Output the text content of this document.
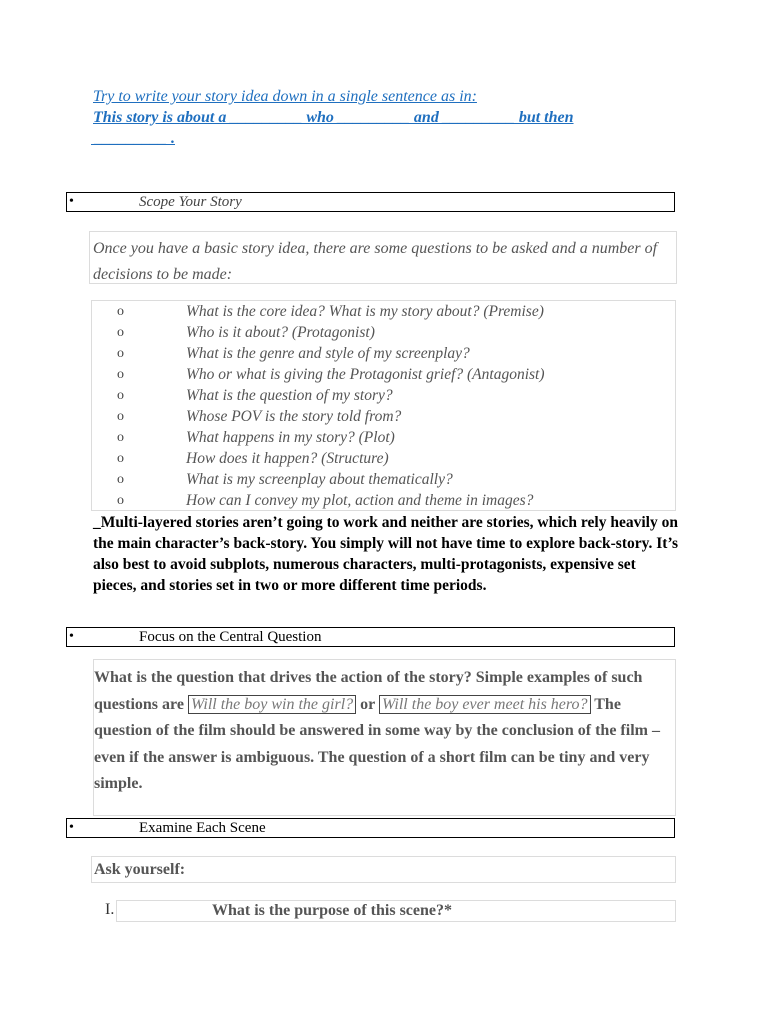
Try to write your story idea down in a single sentence as in:
This story is about a _________ who _________ and _________ but then
_________ .
•	Scope Your Story
Once you have a basic story idea, there are some questions to be asked and a number of decisions to be made:
o	What is the core idea? What is my story about? (Premise)
o	Who is it about? (Protagonist)
o	What is the genre and style of my screenplay?
o	Who or what is giving the Protagonist grief? (Antagonist)
o	What is the question of my story?
o	Whose POV is the story told from?
o	What happens in my story? (Plot)
o	How does it happen? (Structure)
o	What is my screenplay about thematically?
o	How can I convey my plot, action and theme in images?
_Multi-layered stories aren’t going to work and neither are stories, which rely heavily on the main character’s back-story. You simply will not have time to explore back-story. It’s also best to avoid subplots, numerous characters, multi-protagonists, expensive set pieces, and stories set in two or more different time periods.
•	Focus on the Central Question
What is the question that drives the action of the story? Simple examples of such questions are Will the boy win the girl? or Will the boy ever meet his hero? The question of the film should be answered in some way by the conclusion of the film – even if the answer is ambiguous. The question of a short film can be tiny and very simple.
•	Examine Each Scene
Ask yourself:
I.	What is the purpose of this scene?*
